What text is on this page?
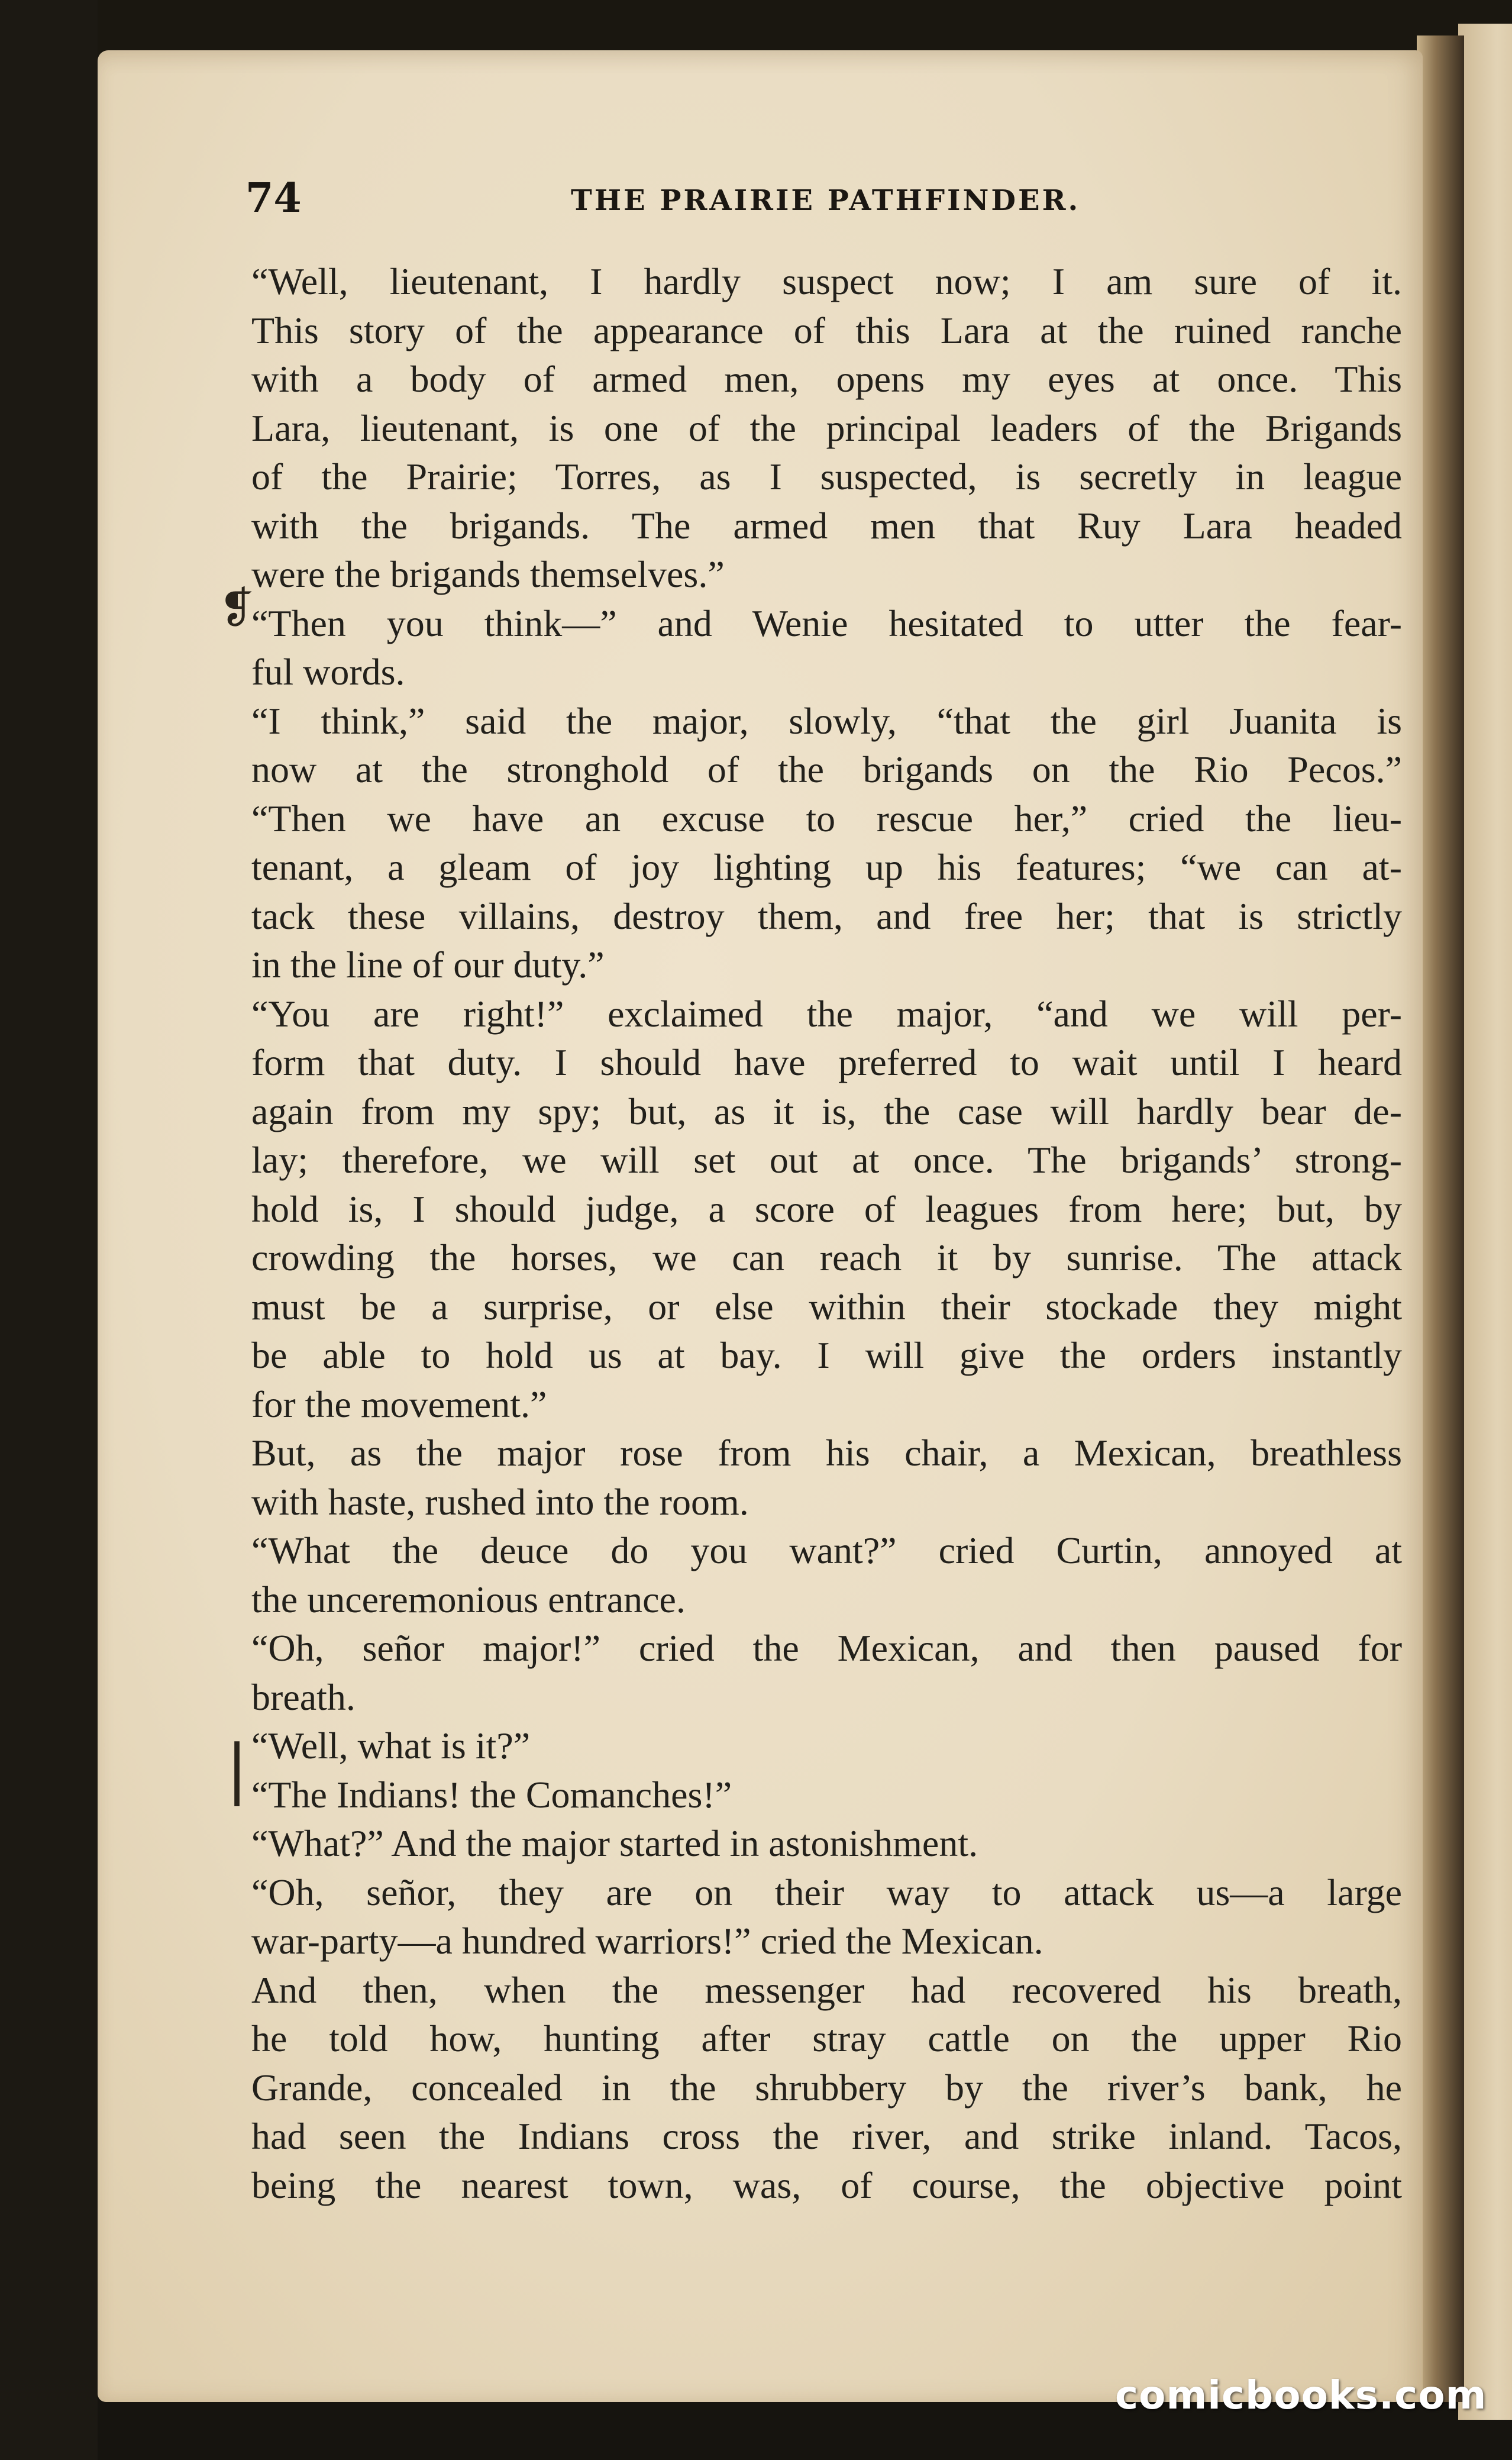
74	THE PRAIRIE PATHFINDER.
❡
|
“Well, lieutenant, I hardly suspect now; I am sure of it.
This story of the appearance of this Lara at the ruined ranche
with a body of armed men, opens my eyes at once. This
Lara, lieutenant, is one of the principal leaders of the Brigands
of the Prairie; Torres, as I suspected, is secretly in league
with the brigands. The armed men that Ruy Lara headed
were the brigands themselves.”
“Then you think—” and Wenie hesitated to utter the fear-
ful words.
“I think,” said the major, slowly, “that the girl Juanita is
now at the stronghold of the brigands on the Rio Pecos.”
“Then we have an excuse to rescue her,” cried the lieu-
tenant, a gleam of joy lighting up his features; “we can at-
tack these villains, destroy them, and free her; that is strictly
in the line of our duty.”
“You are right!” exclaimed the major, “and we will per-
form that duty. I should have preferred to wait until I heard
again from my spy; but, as it is, the case will hardly bear de-
lay; therefore, we will set out at once. The brigands’ strong-
hold is, I should judge, a score of leagues from here; but, by
crowding the horses, we can reach it by sunrise. The attack
must be a surprise, or else within their stockade they might
be able to hold us at bay. I will give the orders instantly
for the movement.”
But, as the major rose from his chair, a Mexican, breathless
with haste, rushed into the room.
“What the deuce do you want?” cried Curtin, annoyed at
the unceremonious entrance.
“Oh, señor major!” cried the Mexican, and then paused for
breath.
“Well, what is it?”
“The Indians! the Comanches!”
“What?” And the major started in astonishment.
“Oh, señor, they are on their way to attack us—a large
war-party—a hundred warriors!” cried the Mexican.
And then, when the messenger had recovered his breath,
he told how, hunting after stray cattle on the upper Rio
Grande, concealed in the shrubbery by the river’s bank, he
had seen the Indians cross the river, and strike inland. Tacos,
being the nearest town, was, of course, the objective point
comicbooks.com
